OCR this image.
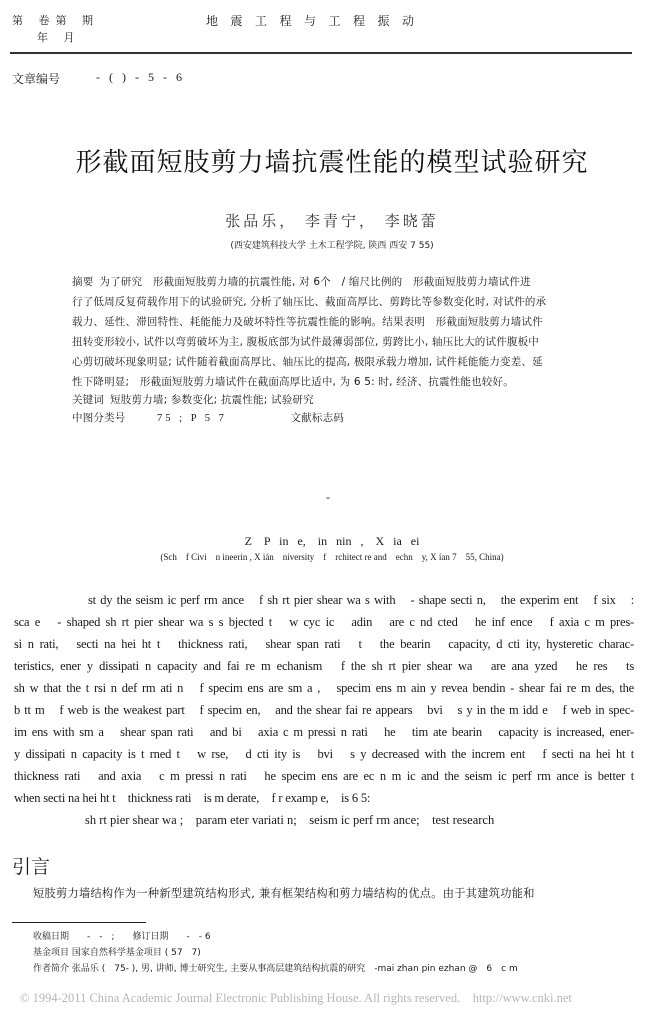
第 卷第 期
年 月
地震工程与工程振动
文章编号	- ( ) - 5 - 6
形截面短肢剪力墙抗震性能的模型试验研究
张品乐， 李青宁， 李晓蕾
(西安建筑科技大学 土木工程学院, 陕西 西安 7 55)
摘要 为了研究　形截面短肢剪力墙的抗震性能, 对 6个　/ 缩尺比例的　形截面短肢剪力墙试件进
行了低周反复荷载作用下的试验研究, 分析了轴压比、截面高厚比、剪跨比等参数变化时, 对试件的承
载力、延性、滞回特性、耗能能力及破坏特性等抗震性能的影响。结果表明　形截面短肢剪力墙试件
扭转变形较小, 试件以弯剪破坏为主, 腹板底部为试件最薄弱部位, 剪跨比小, 轴压比大的试件腹板中
心剪切破坏现象明显; 试件随着截面高厚比、轴压比的提高, 极限承载力增加, 试件耗能能力变差、延
性下降明显;　形截面短肢剪力墙试件在截面高厚比适中, 为 6 5: 时, 经济、抗震性能也较好。
关键词 短肢剪力墙; 参数变化; 抗震性能; 试验研究
中图分类号	75 ; P 5 7	文献标志码
-
Z　P in e,　in nin ,　X ia ei
(Sch　f Civi　n ineerin , X ián　niversity　f　rchitect re and　echn　y, X ían 7　55, China)
st dy the seism ic perf rm ance　f sh rt pier shear wa s with　- shape secti n,　the experim ent　f six　:
sca e　- shaped sh rt pier shear wa s s bjected t　w cyc ic　adin　are c nd cted　he inf ence　f axia c m pres-
si n rati,　secti na hei ht t　thickness rati,　shear span rati　t　the bearin　capacity, d cti ity, hysteretic charac-
teristics, ener y dissipati n capacity and fai re m echanism　f the sh rt pier shear wa　are ana yzed　he res　ts
sh w that the t rsi n def rm ati n　f specim ens are sm a ,　specim ens m ain y revea bendin - shear fai re m des, the
b tt m　f web is the weakest part　f specim en,　and the shear fai re appears　bvi　s y in the m idd e　f web in spec-
im ens with sm a　shear span rati　and bi　axia c m pressi n rati　he　tim ate bearin　capacity is increased, ener-
y dissipati n capacity is t rned t　w rse,　d cti ity is　bvi　s y decreased with the increm ent　f secti na hei ht t
thickness rati　and axia　c m pressi n rati　he specim ens are ec n m ic and the seism ic perf rm ance is better t
when secti na hei ht t　thickness rati　is m derate,　f r examp e,　is 6 5:
sh rt pier shear wa ;　param eter variati n;　seism ic perf rm ance;　test research
引言
短肢剪力墙结构作为一种新型建筑结构形式, 兼有框架结构和剪力墙结构的优点。由于其建筑功能和
收稿日期　　-　-　;　　修订日期　　-　- 6
基金项目 国家自然科学基金项目 ( 57　7)
作者简介 张品乐 (　75- ), 男, 讲师, 博士研究生, 主要从事高层建筑结构抗震的研究　-mai zhan pin ezhan @　6　c m
© 1994-2011 China Academic Journal Electronic Publishing House. All rights reserved.　http://www.cnki.net
